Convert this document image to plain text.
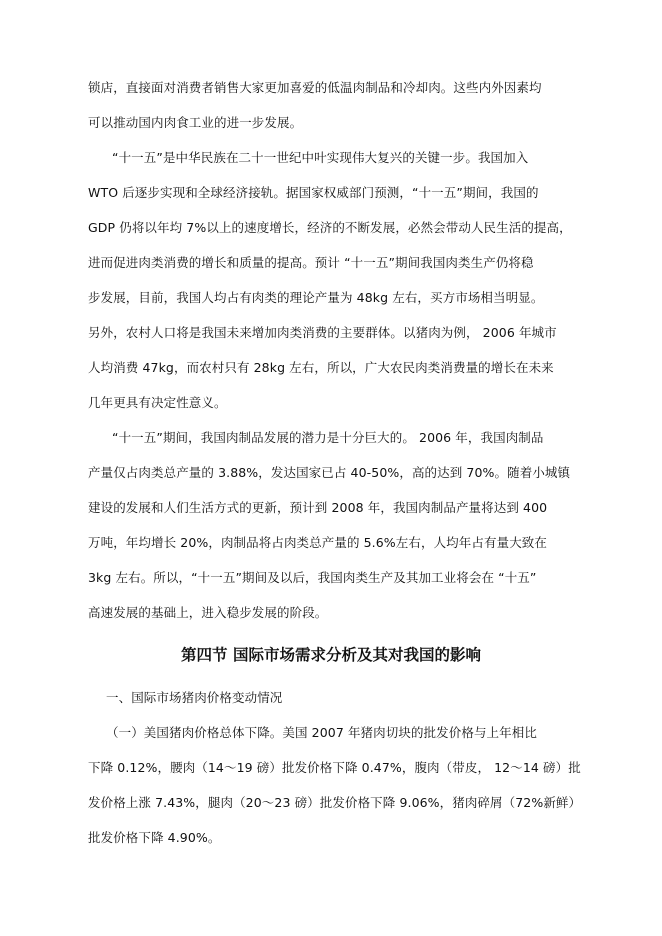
锁店，直接面对消费者销售大家更加喜爱的低温肉制品和冷却肉。这些内外因素均
可以推动国内肉食工业的进一步发展。
“十一五”是中华民族在二十一世纪中叶实现伟大复兴的关键一步。我国加入
WTO 后逐步实现和全球经济接轨。据国家权威部门预测，“十一五”期间，我国的
GDP 仍将以年均 7%以上的速度增长，经济的不断发展，必然会带动人民生活的提高，
进而促进肉类消费的增长和质量的提高。预计 “十一五”期间我国肉类生产仍将稳
步发展，目前，我国人均占有肉类的理论产量为 48kg 左右，买方市场相当明显。
另外，农村人口将是我国未来增加肉类消费的主要群体。以猪肉为例， 2006 年城市
人均消费 47kg，而农村只有 28kg 左右，所以，广大农民肉类消费量的增长在未来
几年更具有决定性意义。
“十一五”期间，我国肉制品发展的潜力是十分巨大的。 2006 年，我国肉制品
产量仅占肉类总产量的 3.88%，发达国家已占 40-50%，高的达到 70%。随着小城镇
建设的发展和人们生活方式的更新，预计到 2008 年，我国肉制品产量将达到 400
万吨，年均增长 20%，肉制品将占肉类总产量的 5.6%左右，人均年占有量大致在
3kg 左右。所以，“十一五”期间及以后，我国肉类生产及其加工业将会在 “十五”
高速发展的基础上，进入稳步发展的阶段。
第四节 国际市场需求分析及其对我国的影响
一、国际市场猪肉价格变动情况
（一）美国猪肉价格总体下降。美国 2007 年猪肉切块的批发价格与上年相比
下降 0.12%，腰肉（14～19 磅）批发价格下降 0.47%，腹肉（带皮， 12～14 磅）批
发价格上涨 7.43%，腿肉（20～23 磅）批发价格下降 9.06%，猪肉碎屑（72%新鲜）
批发价格下降 4.90%。
